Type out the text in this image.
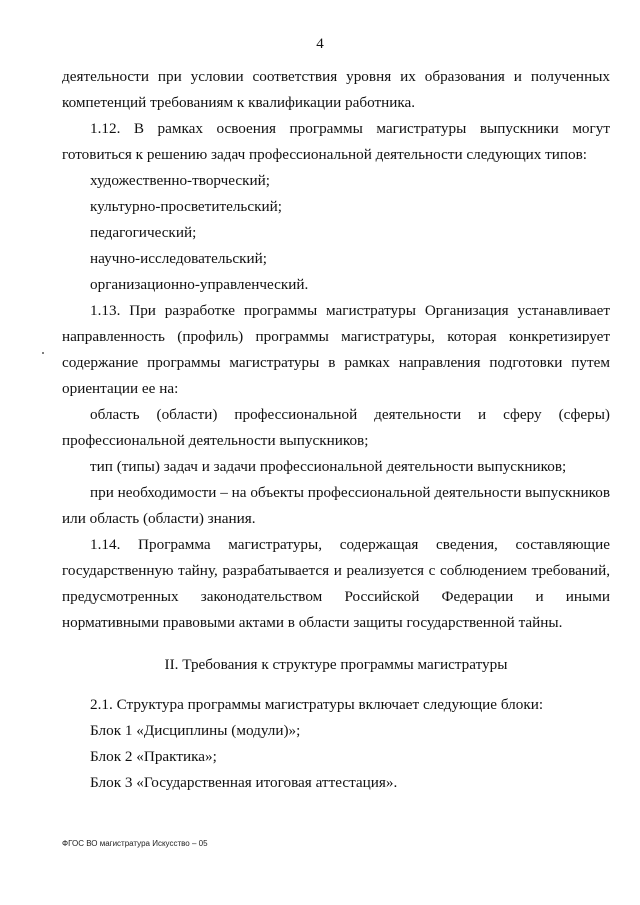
4

деятельности при условии соответствия уровня их образования и полученных компетенций требованиям к квалификации работника.

1.12. В рамках освоения программы магистратуры выпускники могут готовиться к решению задач профессиональной деятельности следующих типов:

художественно-творческий;

культурно-просветительский;

педагогический;

научно-исследовательский;

организационно-управленческий.

1.13. При разработке программы магистратуры Организация устанавливает направленность (профиль) программы магистратуры, которая конкретизирует содержание программы магистратуры в рамках направления подготовки путем ориентации ее на:

область (области) профессиональной деятельности и сферу (сферы) профессиональной деятельности выпускников;

тип (типы) задач и задачи профессиональной деятельности выпускников;

при необходимости – на объекты профессиональной деятельности выпускников или область (области) знания.

1.14. Программа магистратуры, содержащая сведения, составляющие государственную тайну, разрабатывается и реализуется с соблюдением требований, предусмотренных законодательством Российской Федерации и иными нормативными правовыми актами в области защиты государственной тайны.

II. Требования к структуре программы магистратуры

2.1. Структура программы магистратуры включает следующие блоки:

Блок 1 «Дисциплины (модули)»;

Блок 2 «Практика»;

Блок 3 «Государственная итоговая аттестация».

ФГОС ВО магистратура Искусство – 05
